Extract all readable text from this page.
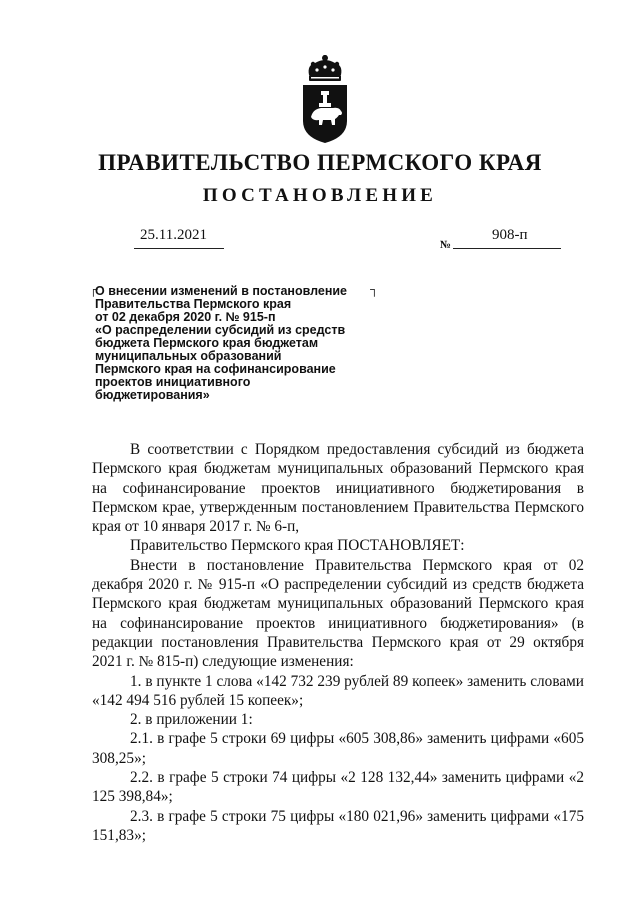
ПРАВИТЕЛЬСТВО ПЕРМСКОГО КРАЯ
ПОСТАНОВЛЕНИЕ
25.11.2021
№
908-п
┌	┐
О внесении изменений в постановление
Правительства Пермского края
от 02 декабря 2020 г. № 915-п
«О распределении субсидий из средств
бюджета Пермского края бюджетам
муниципальных образований
Пермского края на софинансирование
проектов инициативного
бюджетирования»

В соответствии с Порядком предоставления субсидий из бюджета Пермского края бюджетам муниципальных образований Пермского края на софинансирование проектов инициативного бюджетирования в Пермском крае, утвержденным постановлением Правительства Пермского края от 10 января 2017 г. № 6-п,

Правительство Пермского края ПОСТАНОВЛЯЕТ:

Внести в постановление Правительства Пермского края от 02 декабря 2020 г. № 915-п «О распределении субсидий из средств бюджета Пермского края бюджетам муниципальных образований Пермского края на софинансирование проектов инициативного бюджетирования» (в редакции постановления Правительства Пермского края от 29 октября 2021 г. № 815-п) следующие изменения:

1. в пункте 1 слова «142 732 239 рублей 89 копеек» заменить словами «142 494 516 рублей 15 копеек»;

2. в приложении 1:

2.1. в графе 5 строки 69 цифры «605 308,86» заменить цифрами «605 308,25»;

2.2. в графе 5 строки 74 цифры «2 128 132,44» заменить цифрами «2 125 398,84»;

2.3. в графе 5 строки 75 цифры «180 021,96» заменить цифрами «175 151,83»;
